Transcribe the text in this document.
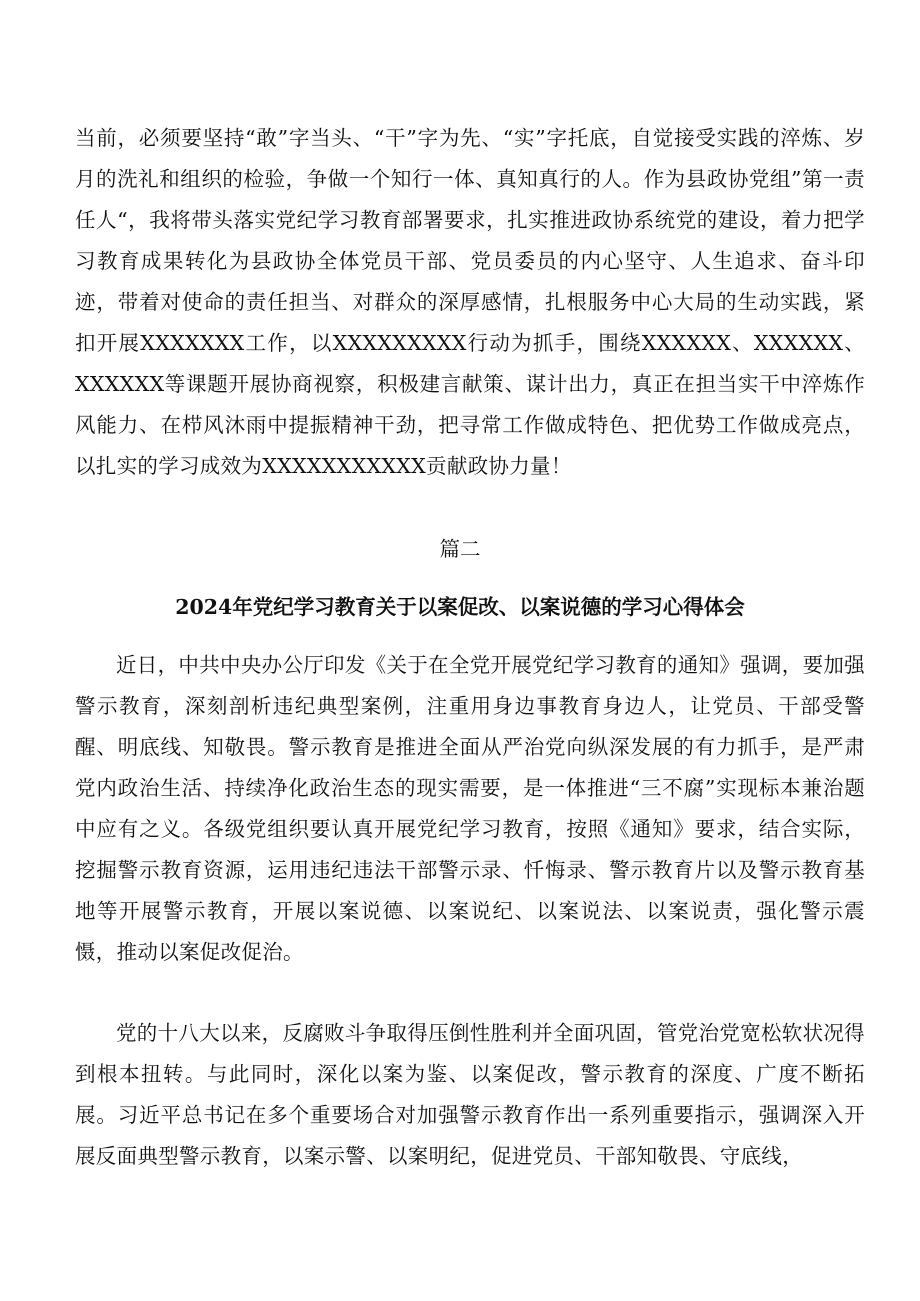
当前，必须要坚持“敢”字当头、“干”字为先、“实”字托底，自觉接受实践的淬炼、岁月的洗礼和组织的检验，争做一个知行一体、真知真行的人。作为县政协党组”第一责任人“，我将带头落实党纪学习教育部署要求，扎实推进政协系统党的建设，着力把学习教育成果转化为县政协全体党员干部、党员委员的内心坚守、人生追求、奋斗印迹，带着对使命的责任担当、对群众的深厚感情，扎根服务中心大局的生动实践，紧扣开展XXXXXXX工作，以XXXXXXXXX行动为抓手，围绕XXXXXX、XXXXXX、XXXXXX等课题开展协商视察，积极建言献策、谋计出力，真正在担当实干中淬炼作风能力、在栉风沐雨中提振精神干劲，把寻常工作做成特色、把优势工作做成亮点，以扎实的学习成效为XXXXXXXXXXX贡献政协力量！

篇二
2024年党纪学习教育关于以案促改、以案说德的学习心得体会

近日，中共中央办公厅印发《关于在全党开展党纪学习教育的通知》强调，要加强警示教育，深刻剖析违纪典型案例，注重用身边事教育身边人，让党员、干部受警醒、明底线、知敬畏。警示教育是推进全面从严治党向纵深发展的有力抓手，是严肃党内政治生活、持续净化政治生态的现实需要，是一体推进“三不腐”实现标本兼治题中应有之义。各级党组织要认真开展党纪学习教育，按照《通知》要求，结合实际，挖掘警示教育资源，运用违纪违法干部警示录、忏悔录、警示教育片以及警示教育基地等开展警示教育，开展以案说德、以案说纪、以案说法、以案说责，强化警示震慑，推动以案促改促治。

党的十八大以来，反腐败斗争取得压倒性胜利并全面巩固，管党治党宽松软状况得到根本扭转。与此同时，深化以案为鉴、以案促改，警示教育的深度、广度不断拓展。习近平总书记在多个重要场合对加强警示教育作出一系列重要指示，强调深入开展反面典型警示教育，以案示警、以案明纪，促进党员、干部知敬畏、守底线，
